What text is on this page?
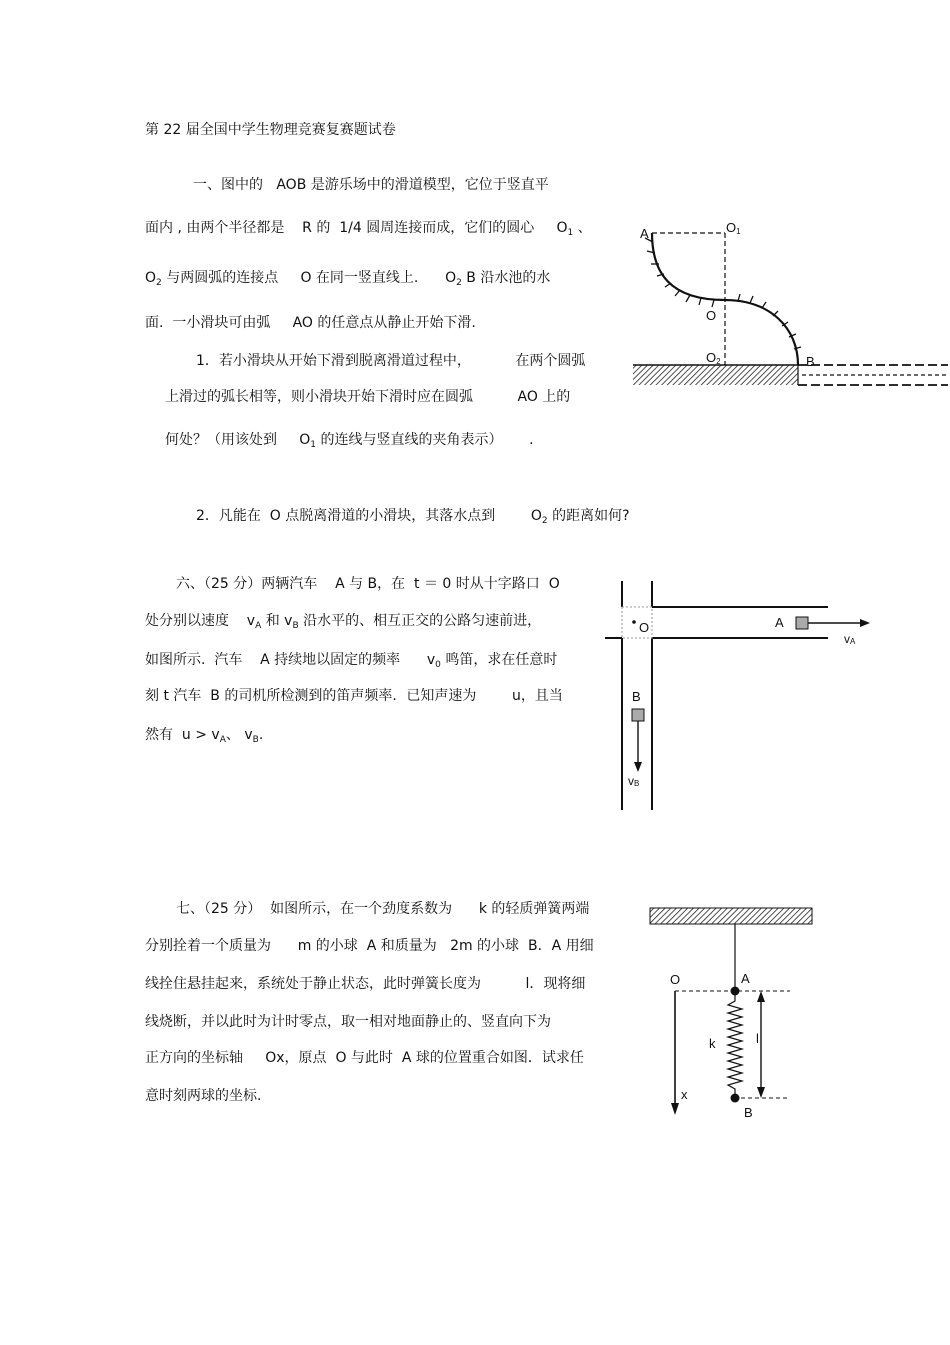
第 22 届全国中学生物理竞赛复赛题试卷
一、图中的   AOB 是游乐场中的滑道模型，它位于竖直平
面内 , 由两个半径都是    R 的  1/4 圆周连接而成，它们的圆心     $O_1$ 、
$O_2$ 与两圆弧的连接点     O 在同一竖直线上.      $O_2$ B 沿水池的水
面.  一小滑块可由弧     AO 的任意点从静止开始下滑.
1．若小滑块从开始下滑到脱离滑道过程中，          在两个圆弧
上滑过的弧长相等，则小滑块开始下滑时应在圆弧          AO 上的
何处？（用该处到     $O_1$ 的连线与竖直线的夹角表示）      .
2．凡能在  O 点脱离滑道的小滑块，其落水点到        $O_2$ 的距离如何?
A	O1
O
O2	B
六、（25 分）两辆汽车    A 与 B，在  t ＝ 0 时从十字路口  O
处分别以速度    $v_A$ 和 $v_B$ 沿水平的、相互正交的公路匀速前进，
如图所示.  汽车    A 持续地以固定的频率      $v_0$ 鸣笛，求在任意时
刻 t 汽车  B 的司机所检测到的笛声频率．已知声速为        u，且当
然有  $u > v_A$、 $v_B$.
O	A
vA
B
vB
七、（25 分）  如图所示，在一个劲度系数为      k 的轻质弹簧两端
分别拴着一个质量为      m 的小球  A 和质量为   2m 的小球  B．A 用细
线拴住悬挂起来，系统处于静止状态，此时弹簧长度为          l．现将细
线烧断，并以此时为计时零点，取一相对地面静止的、竖直向下为
正方向的坐标轴     Ox，原点  O 与此时  A 球的位置重合如图．试求任
意时刻两球的坐标.
O	A
k	l
x
B
